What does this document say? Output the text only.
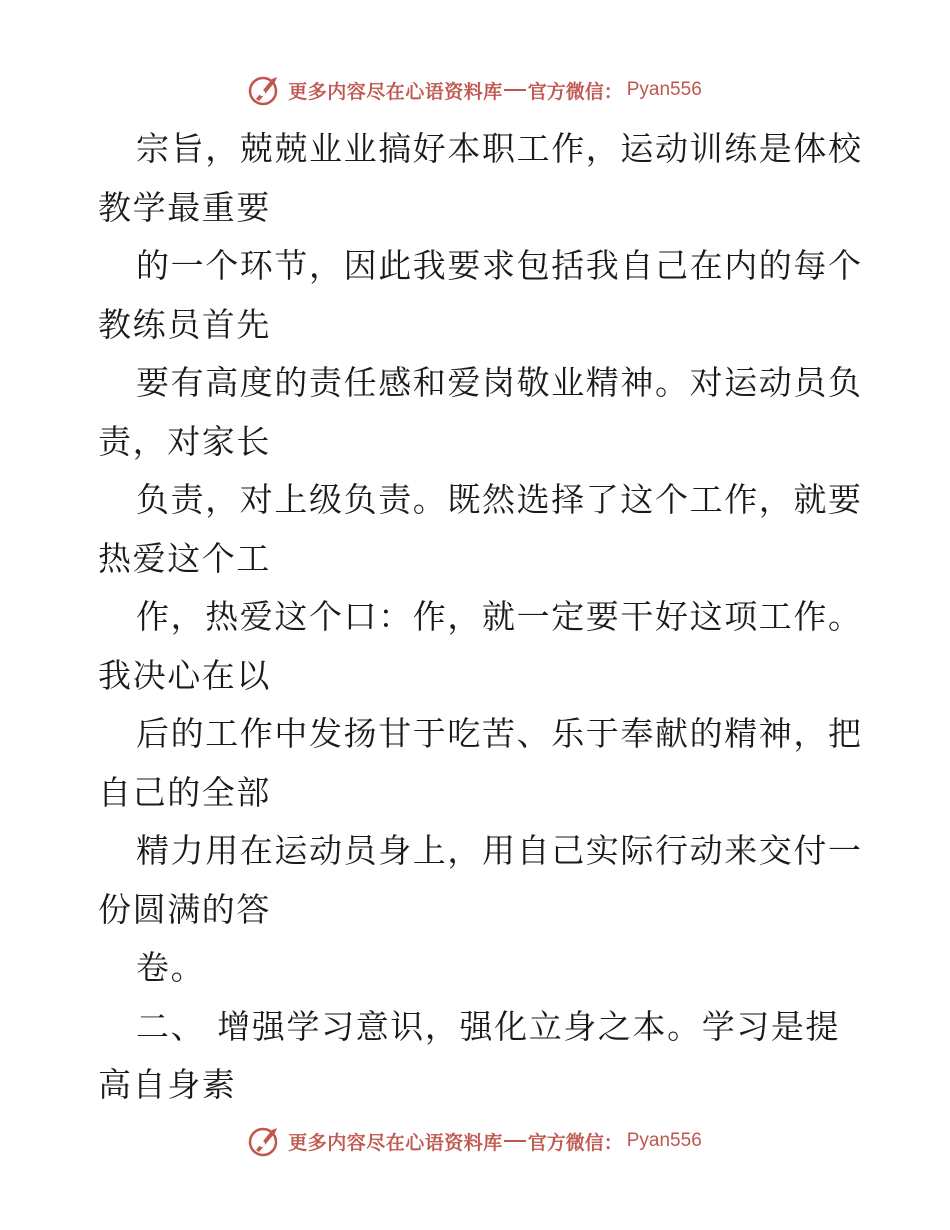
更多内容尽在心语资料库 官方微信： Pyan556
宗旨，兢兢业业搞好本职工作，运动训练是体校
教学最重要
的一个环节，因此我要求包括我自己在内的每个
教练员首先
要有高度的责任感和爱岗敬业精神。对运动员负
责，对家长
负责，对上级负责。既然选择了这个工作，就要
热爱这个工
作，热爱这个口：作，就一定要干好这项工作。
我决心在以
后的工作中发扬甘于吃苦、乐于奉献的精神，把
自己的全部
精力用在运动员身上，用自己实际行动来交付一
份圆满的答
卷。
二、 增强学习意识，强化立身之本。学习是提
高自身素
更多内容尽在心语资料库 官方微信： Pyan556
